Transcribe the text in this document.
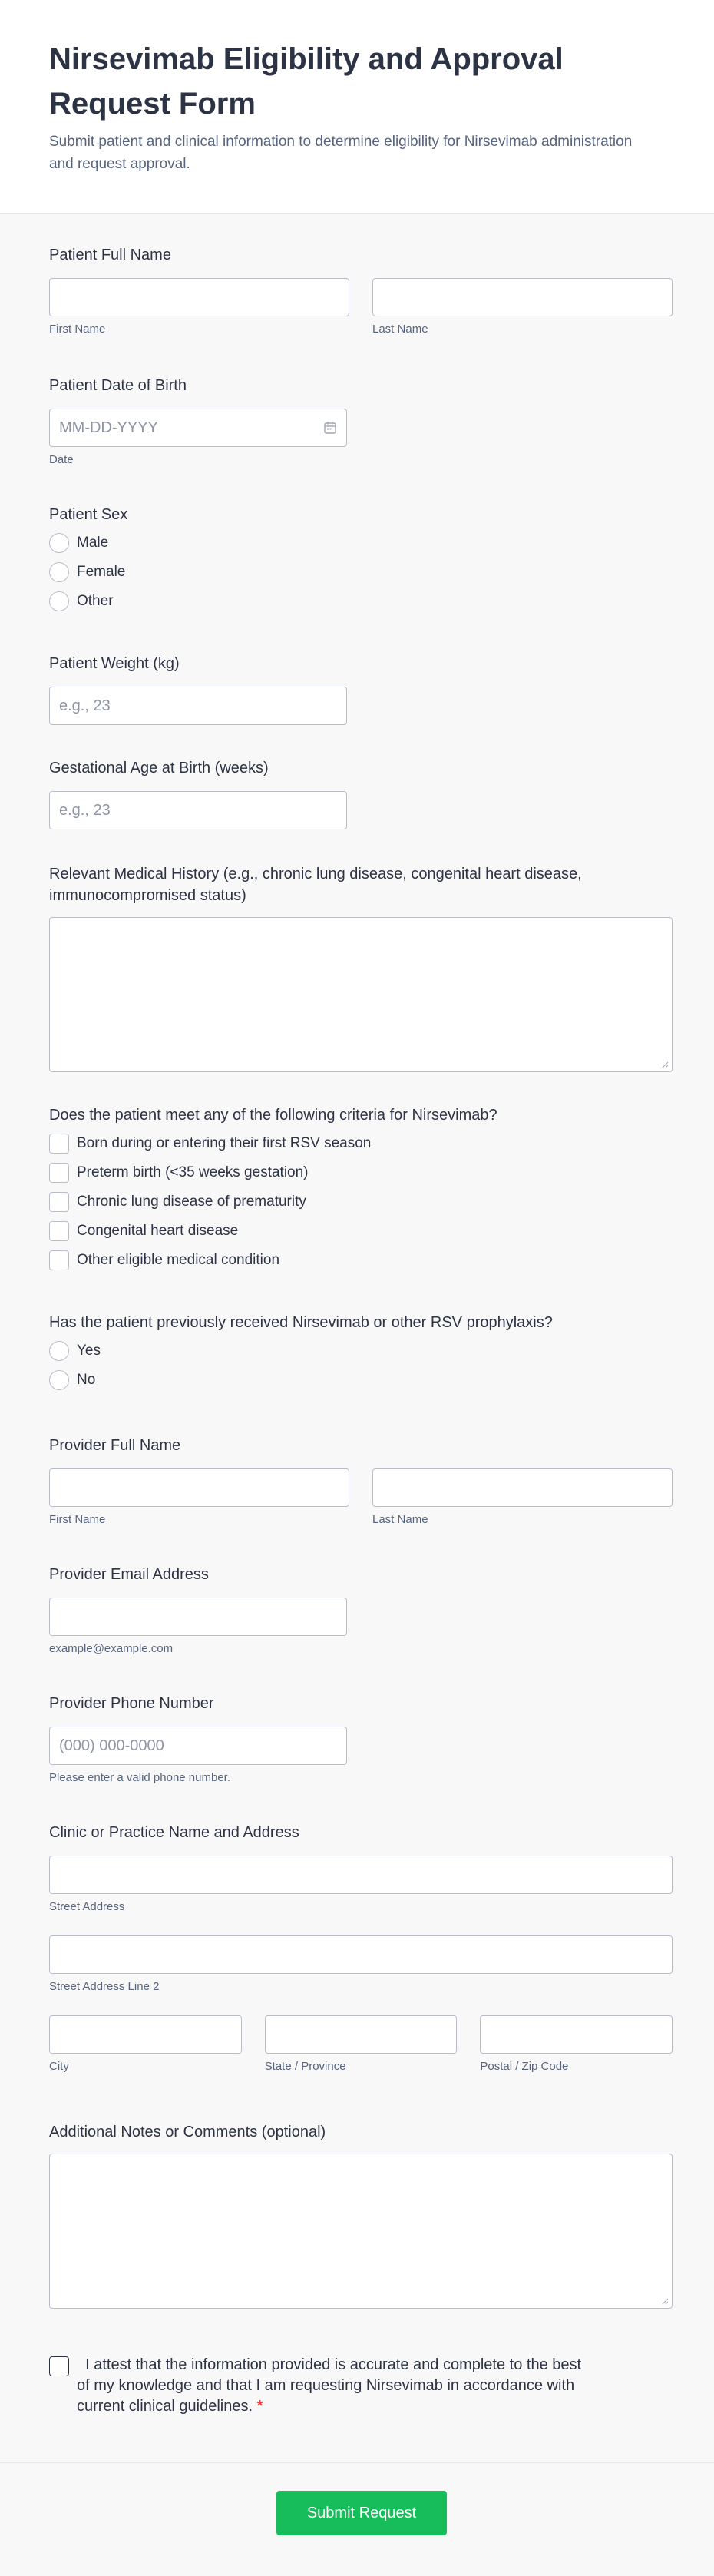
Nirsevimab Eligibility and Approval Request Form
Submit patient and clinical information to determine eligibility for Nirsevimab administration and request approval.
Patient Full Name
First Name	Last Name
Patient Date of Birth
MM-DD-YYYY
Date
Patient Sex
Male
Female
Other
Patient Weight (kg)
e.g., 23
Gestational Age at Birth (weeks)
e.g., 23
Relevant Medical History (e.g., chronic lung disease, congenital heart disease, immunocompromised status)
Does the patient meet any of the following criteria for Nirsevimab?
Born during or entering their first RSV season
Preterm birth (<35 weeks gestation)
Chronic lung disease of prematurity
Congenital heart disease
Other eligible medical condition
Has the patient previously received Nirsevimab or other RSV prophylaxis?
Yes
No
Provider Full Name
First Name	Last Name
Provider Email Address
example@example.com
Provider Phone Number
(000) 000-0000
Please enter a valid phone number.
Clinic or Practice Name and Address
Street Address
Street Address Line 2
City	State / Province	Postal / Zip Code
Additional Notes or Comments (optional)
I attest that the information provided is accurate and complete to the best of my knowledge and that I am requesting Nirsevimab in accordance with current clinical guidelines. *
Submit Request
